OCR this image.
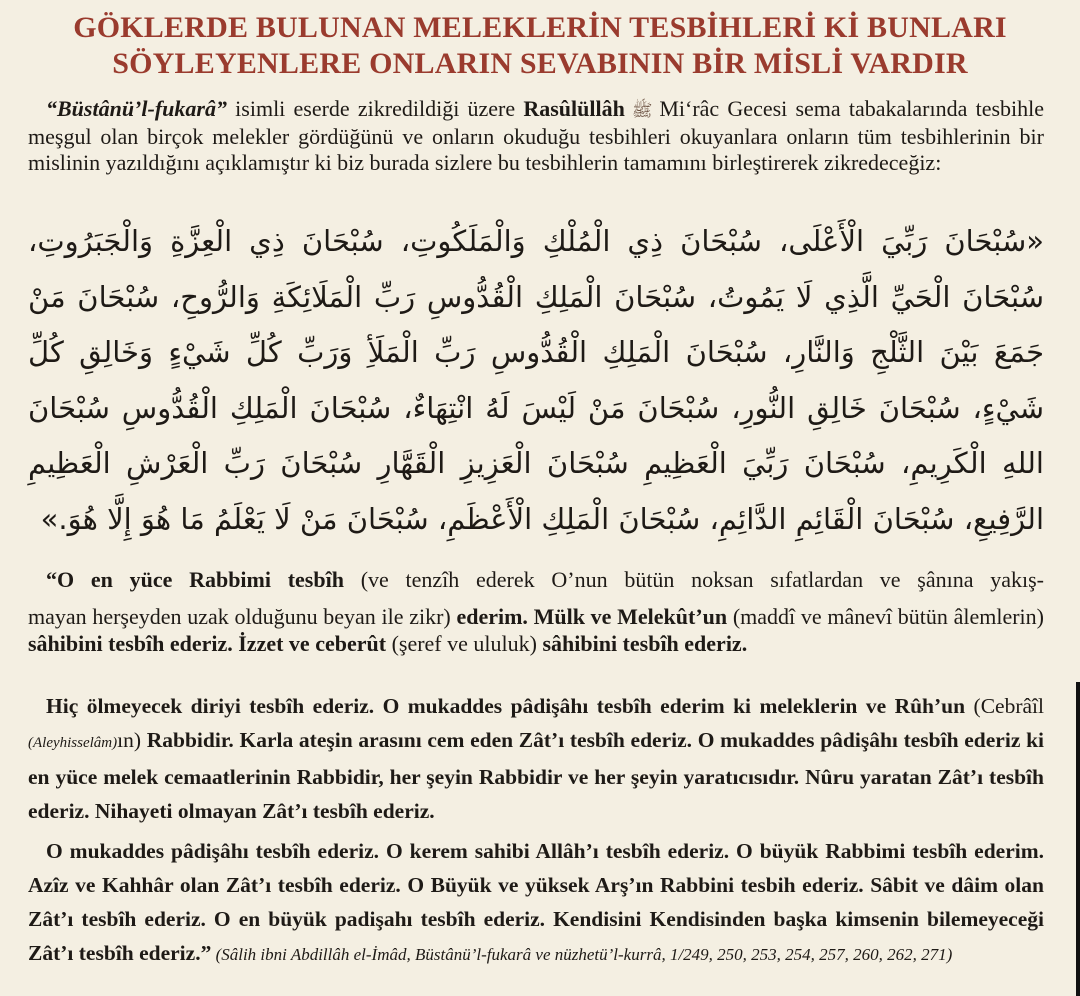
GÖKLERDE BULUNAN MELEKLERİN TESBİHLERİ Kİ BUNLARI
SÖYLEYENLERE ONLARIN SEVABININ BİR MİSLİ VARDIR
“Büstânü’l-fukarâ” isimli eserde zikredildiği üzere Rasûlüllâh ﷺ Mi‘râc Gecesi sema tabakalarında tesbihle meşgul olan birçok melekler gördüğünü ve onların okuduğu tesbihleri okuyanlara onların tüm tesbihlerinin bir mislinin yazıldığını açıklamıştır ki biz burada sizlere bu tesbihlerin tamamını birleştirerek zikredeceğiz:
«سُبْحَانَ رَبِّيَ الْأَعْلَى، سُبْحَانَ ذِي الْمُلْكِ وَالْمَلَكُوتِ، سُبْحَانَ ذِي الْعِزَّةِ وَالْجَبَرُوتِ، سُبْحَانَ الْحَيِّ الَّذِي لَا يَمُوتُ، سُبْحَانَ الْمَلِكِ الْقُدُّوسِ رَبِّ الْمَلَائِكَةِ وَالرُّوحِ، سُبْحَانَ مَنْ جَمَعَ بَيْنَ الثَّلْجِ وَالنَّارِ، سُبْحَانَ الْمَلِكِ الْقُدُّوسِ رَبِّ الْمَلَأِ وَرَبِّ كُلِّ شَيْءٍ وَخَالِقِ كُلِّ شَيْءٍ، سُبْحَانَ خَالِقِ النُّورِ، سُبْحَانَ مَنْ لَيْسَ لَهُ انْتِهَاءٌ، سُبْحَانَ الْمَلِكِ الْقُدُّوسِ سُبْحَانَ اللهِ الْكَرِيمِ، سُبْحَانَ رَبِّيَ الْعَظِيمِ سُبْحَانَ الْعَزِيزِ الْقَهَّارِ سُبْحَانَ رَبِّ الْعَرْشِ الْعَظِيمِ الرَّفِيعِ، سُبْحَانَ الْقَائِمِ الدَّائِمِ، سُبْحَانَ الْمَلِكِ الْأَعْظَمِ، سُبْحَانَ مَنْ لَا يَعْلَمُ مَا هُوَ إِلَّا هُوَ.»
“O en yüce Rabbimi tesbîh (ve tenzîh ederek O’nun bütün noksan sıfatlardan ve şânına yakış-
mayan herşeyden uzak olduğunu beyan ile zikr) ederim. Mülk ve Melekût’un (maddî ve mânevî bütün âlemlerin) sâhibini tesbîh ederiz. İzzet ve ceberût (şeref ve ululuk) sâhibini tesbîh ederiz.
Hiç ölmeyecek diriyi tesbîh ederiz. O mukaddes pâdişâhı tesbîh ederim ki meleklerin ve Rûh’un (Cebrâîl (Aleyhisselâm)ın) Rabbidir. Karla ateşin arasını cem eden Zât’ı tesbîh ederiz. O mukaddes pâdişâhı tesbîh ederiz ki en yüce melek cemaatlerinin Rabbidir, her şeyin Rabbidir ve her şeyin yaratıcısıdır. Nûru yaratan Zât’ı tesbîh ederiz. Nihayeti olmayan Zât’ı tesbîh ederiz.
O mukaddes pâdişâhı tesbîh ederiz. O kerem sahibi Allâh’ı tesbîh ederiz. O büyük Rabbimi tesbîh ederim. Azîz ve Kahhâr olan Zât’ı tesbîh ederiz. O Büyük ve yüksek Arş’ın Rabbini tesbih ederiz. Sâbit ve dâim olan Zât’ı tesbîh ederiz. O en büyük padişahı tesbîh ederiz. Kendisini Kendisinden başka kimsenin bilemeyeceği Zât’ı tesbîh ederiz.” (Sâlih ibni Abdillâh el-İmâd, Büstânü’l-fukarâ ve nüzhetü’l-kurrâ, 1/249, 250, 253, 254, 257, 260, 262, 271)
